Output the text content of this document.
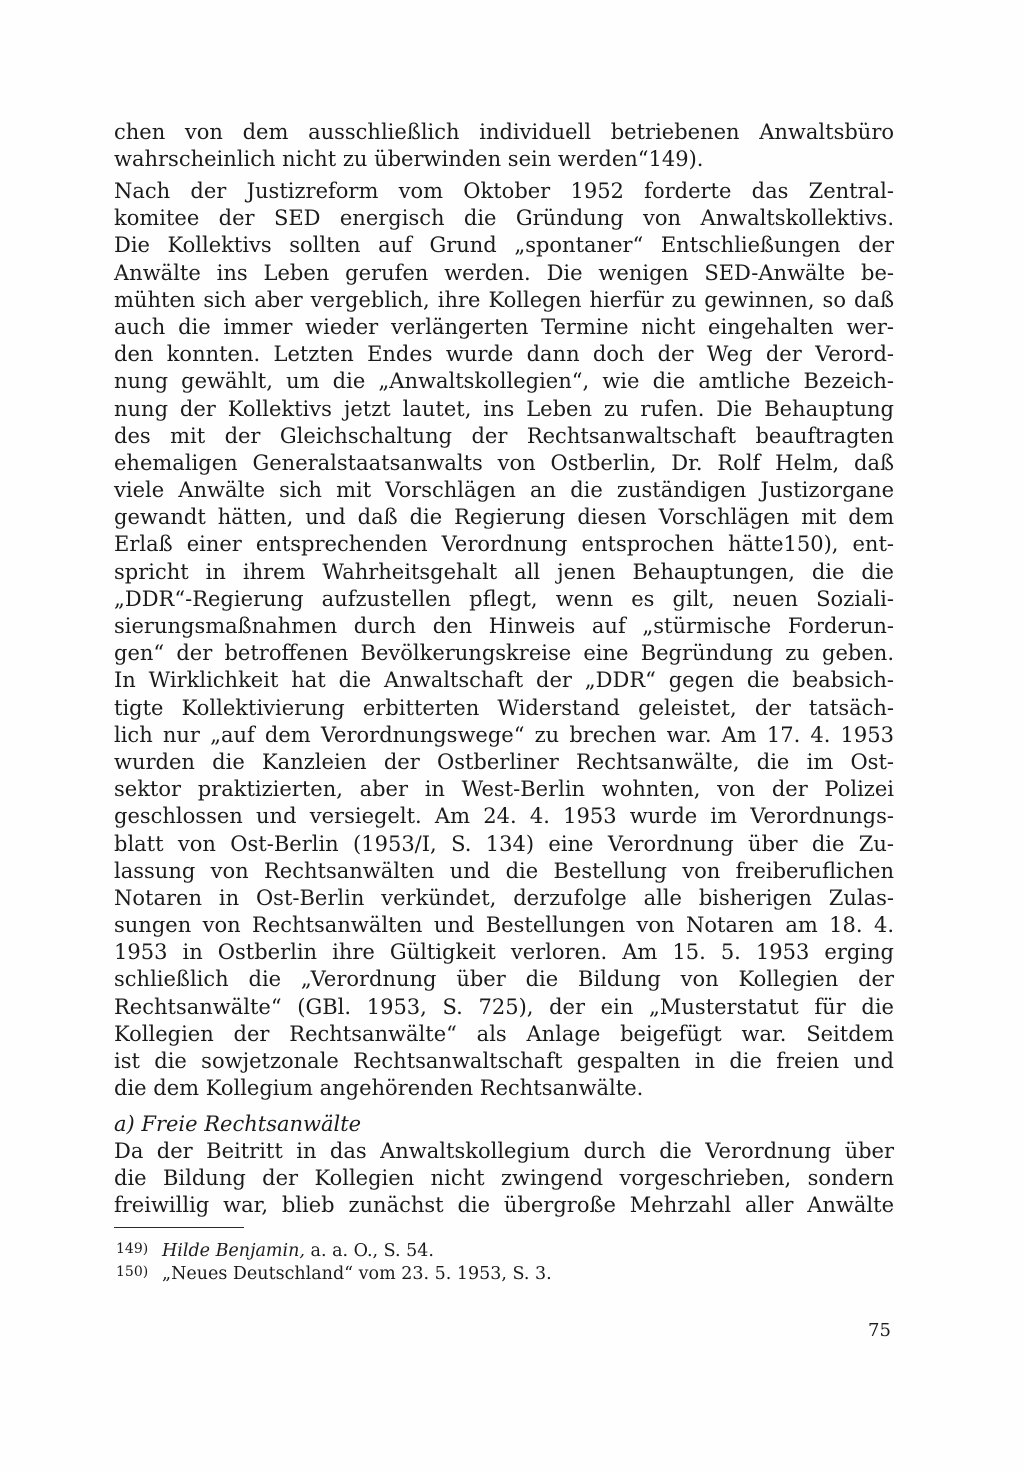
chen von dem ausschließlich individuell betriebenen Anwaltsbüro
wahrscheinlich nicht zu überwinden sein werden“149).
Nach der Justizreform vom Oktober 1952 forderte das Zentral-
komitee der SED energisch die Gründung von Anwaltskollektivs.
Die Kollektivs sollten auf Grund „spontaner“ Entschließungen der
Anwälte ins Leben gerufen werden. Die wenigen SED-Anwälte be-
mühten sich aber vergeblich, ihre Kollegen hierfür zu gewinnen, so daß
auch die immer wieder verlängerten Termine nicht eingehalten wer-
den konnten. Letzten Endes wurde dann doch der Weg der Verord-
nung gewählt, um die „Anwaltskollegien“, wie die amtliche Bezeich-
nung der Kollektivs jetzt lautet, ins Leben zu rufen. Die Behauptung
des mit der Gleichschaltung der Rechtsanwaltschaft beauftragten
ehemaligen Generalstaatsanwalts von Ostberlin, Dr. Rolf Helm, daß
viele Anwälte sich mit Vorschlägen an die zuständigen Justizorgane
gewandt hätten, und daß die Regierung diesen Vorschlägen mit dem
Erlaß einer entsprechenden Verordnung entsprochen hätte150), ent-
spricht in ihrem Wahrheitsgehalt all jenen Behauptungen, die die
„DDR“-Regierung aufzustellen pflegt, wenn es gilt, neuen Soziali-
sierungsmaßnahmen durch den Hinweis auf „stürmische Forderun-
gen“ der betroffenen Bevölkerungskreise eine Begründung zu geben.
In Wirklichkeit hat die Anwaltschaft der „DDR“ gegen die beabsich-
tigte Kollektivierung erbitterten Widerstand geleistet, der tatsäch-
lich nur „auf dem Verordnungswege“ zu brechen war. Am 17. 4. 1953
wurden die Kanzleien der Ostberliner Rechtsanwälte, die im Ost-
sektor praktizierten, aber in West-Berlin wohnten, von der Polizei
geschlossen und versiegelt. Am 24. 4. 1953 wurde im Verordnungs-
blatt von Ost-Berlin (1953/I, S. 134) eine Verordnung über die Zu-
lassung von Rechtsanwälten und die Bestellung von freiberuflichen
Notaren in Ost-Berlin verkündet, derzufolge alle bisherigen Zulas-
sungen von Rechtsanwälten und Bestellungen von Notaren am 18. 4.
1953 in Ostberlin ihre Gültigkeit verloren. Am 15. 5. 1953 erging
schließlich die „Verordnung über die Bildung von Kollegien der
Rechtsanwälte“ (GBl. 1953, S. 725), der ein „Musterstatut für die
Kollegien der Rechtsanwälte“ als Anlage beigefügt war. Seitdem
ist die sowjetzonale Rechtsanwaltschaft gespalten in die freien und
die dem Kollegium angehörenden Rechtsanwälte.
a) Freie Rechtsanwälte
Da der Beitritt in das Anwaltskollegium durch die Verordnung über
die Bildung der Kollegien nicht zwingend vorgeschrieben, sondern
freiwillig war, blieb zunächst die übergroße Mehrzahl aller Anwälte
149) Hilde Benjamin, a. a. O., S. 54.
150) „Neues Deutschland“ vom 23. 5. 1953, S. 3.
75
